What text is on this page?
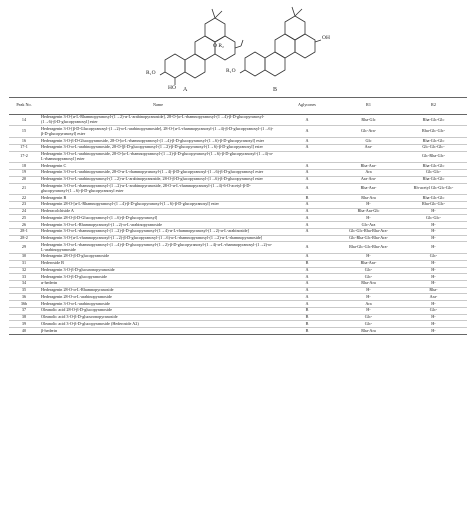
O R₂
R₁O
HO A
OH
R₁O
B
Peak No.	Name	Aglycones	R1	R2
14	Hederagenin 3-O-[α-L-Rhamnopyranosyl-(1→2)-α-L-arabinopyranoside], 28-O-[α-L-rhamnopyranosyl-(1→4)-β-D-glucopyranosyl-(1→6)-β-D-glucopyranosyl] ester	A	Rha-Glc	Rha-Glc-Glc
15	Hederagenin 3-O-[β-D-Glucopyranosyl-(1→2)-α-L-arabinopyranoside], 28-O-[α-L-rhamnopyranosyl-(1→4)-β-D-glucopyranosyl-(1→6)-β-D-glucopyranosyl] ester	A	Glc-Ara-	Rha-Glc-Glc-
16	Hederagenin 3-O-β-D-Glucopyranoside, 28-O-[α-L-rhamnopyranosyl-(1→4)-β-D-glucopyranosyl-(1→6)-β-D-glucopyranosyl] ester	A	Glc	Rha-Glc-Glc
17-1	Hederagenin 3-O-α-L-arabinopyranoside, 28-O-[β-D-glucopyranosyl-(1→2)-β-D-glucopyranosyl-(1→6)-β-D-glucopyranosyl] ester	A	Ara-	Glc-Glc-Glc-
17-2	Hederagenin 3-O-α-L-arabinopyranoside, 28-O-[α-L-rhamnopyranosyl-(1→2)-β-D-glucopyranosyl-(1→6)-β-D-glucopyranosyl-(1→4)-α-L-rhamnopyranosyl] ester			Glc-Rha-Glc-
18	Hederagenin C	A	Rha-Ara-	Rha-Glc-Glc
19	Hederagenin 3-O-α-L-arabinopyranoside, 28-O-α-L-rhamnopyranosyl-(1→4)-β-D-glucopyranosyl-(1→6)-β-D-glucopyranosyl ester	A	Ara	Glc-Glc-
20	Hederagenin 3-O-α-L-arabinopyranosyl-(1→2)-α-L-arabinopyranoside, 28-O-β-D-glucopyranosyl-(1→6)-β-D-glucopyranosyl ester	A	Ara-Ara-	Rha-Glc-Glc
21	Hederagenin 3-O-α-L-rhamnopyranosyl-(1→2)-α-L-arabinopyranoside, 28-O-α-L-rhamnopyranosyl-(1→4)-6-O-acetyl-β-D-glucopyranosyl-(1→6)-β-D-glucopyranosyl ester	A	Rha-Ara-	Rh-acetyl Glc-Glc-Glc-
22	Hederagenin B	B	Rha-Ara	Rha-Glc-Glc
23	Hederagenin 28-O-[α-L-Rhamnopyranosyl-(1→4)-β-D-glucopyranosyl-(1→6)-β-D-glucopyranosyl] ester	A	H-	Rha-Glc-Glc-
24	Hederacolchiside A	A	Rha-Ara-Glc	H-
25	Hederagenin 28-O-β-D-Glucopyranosyl-(1→6)-β-D-glucopyranosyl]	A	H-	Glc-Glc-
26	Hederagenin 3-O-α-L-Rhamnopyranosyl-(1→2)-α-L-arabinopyranoside	A	Glc-Ara	H-
28-1	Hederagenin 3-O-α-L-rhamnopyranosyl-(1→2)-β-D-glucopyranosyl-(1→4)-α-L-rhamnopyranosyl-(1→2)-α-L-arabinoside]	A	Glc-Glc-Rha-Rha-Ara-	H-
28-2	Hederagenin 3-O-[α-L-rhamnopyranosyl-(1→2)-β-D-glucopyranosyl-(1→6)-α-L-rhamnopyranosyl-(1→2)-α-L-rhamnopyranoside]		Glc-Rha-Glc-Rha-Ara-	H-
29	Hederagenin 3-O-α-L-rhamnopyranosyl-(1→4)-β-D-glucopyranosyl-(1→2)-β-D-glucopyranosyl-(1→4)-α-L-rhamnopyranosyl-(1→2)-α-L-arabinopyranoside	A	Rha-Glc-Glc-Rha-Ara-	H-
30	Hederagenin 28-O-β-D-glucopyranoside	A	H-	Glc-
31	Hederoside B	B	Rha-Ara-	H-
32	Hederagenin 3-O-β-D-glucuronopyranoside	A	Glc-	H-
33	Hederagenin 3-O-β-D-glucopyranoside	A	Glc-	H-
34	α-hederin	A	Rha-Ara	H-
35	Hederagenin 28-O-α-L-Rhamnopyranoside	A	H-	Rha-
36	Hederagenin 28-O-α-L-arabinopyranoside	A	H-	Ara-
36b	Hederagenin 3-O-α-L-arabinopyranoside	A	Ara	H-
37	Oleanolic acid 28-O-β-D-glucopyranoside	B	H-	Glc-
38	Oleanolic acid 3-O-β-D-glucuronopyranoside	B	Glc-	H-
39	Oleanolic acid 3-O-β-D-glucopyranoside (Hederoside A2)	B	Glc-	H-
40	β-hederin	B	Rha-Ara	H-
